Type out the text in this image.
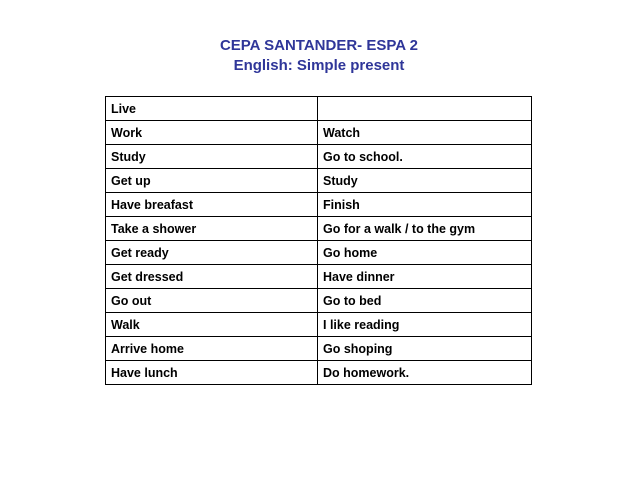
CEPA SANTANDER- ESPA 2
English: Simple present
Live	
Work	Watch
Study	Go to school.
Get up	Study
Have breafast	Finish
Take a shower	Go for a walk / to the gym
Get ready	Go home
Get dressed	Have dinner
Go out	Go to bed
Walk	I like reading
Arrive home	Go shoping
Have lunch	Do homework.
